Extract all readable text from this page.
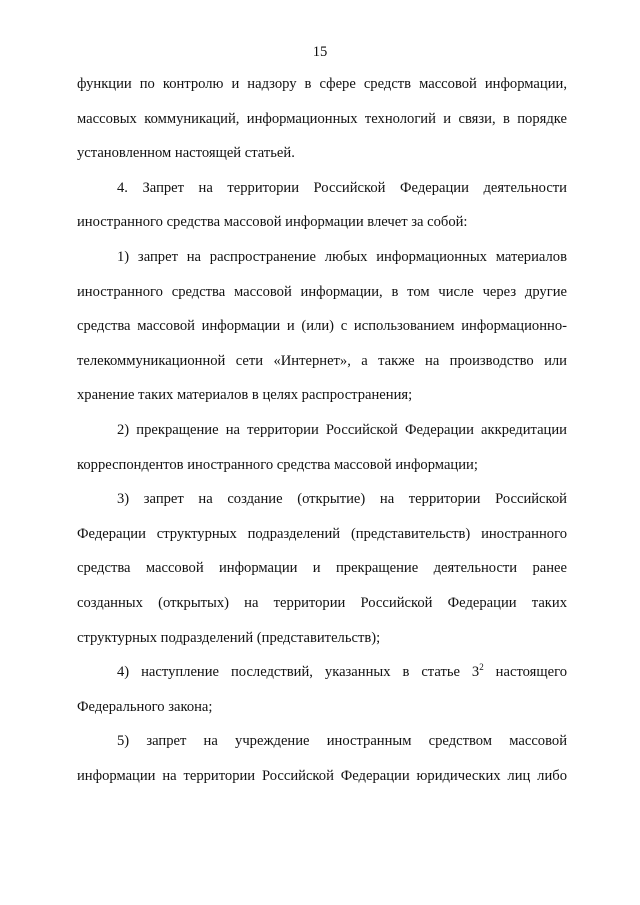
15
функции по контролю и надзору в сфере средств массовой информации,
массовых коммуникаций, информационных технологий и связи, в порядке
установленном настоящей статьей.
4. Запрет на территории Российской Федерации деятельности
иностранного средства массовой информации влечет за собой:
1) запрет на распространение любых информационных материалов
иностранного средства массовой информации, в том числе через другие
средства массовой информации и (или) с использованием информационно-
телекоммуникационной сети «Интернет», а также на производство или
хранение таких материалов в целях распространения;
2) прекращение на территории Российской Федерации аккредитации
корреспондентов иностранного средства массовой информации;
3) запрет на создание (открытие) на территории Российской
Федерации структурных подразделений (представительств) иностранного
средства массовой информации и прекращение деятельности ранее
созданных (открытых) на территории Российской Федерации таких
структурных подразделений (представительств);
4) наступление последствий, указанных в статье $3^2$ настоящего
Федерального закона;
5) запрет на учреждение иностранным средством массовой
информации на территории Российской Федерации юридических лиц либо
